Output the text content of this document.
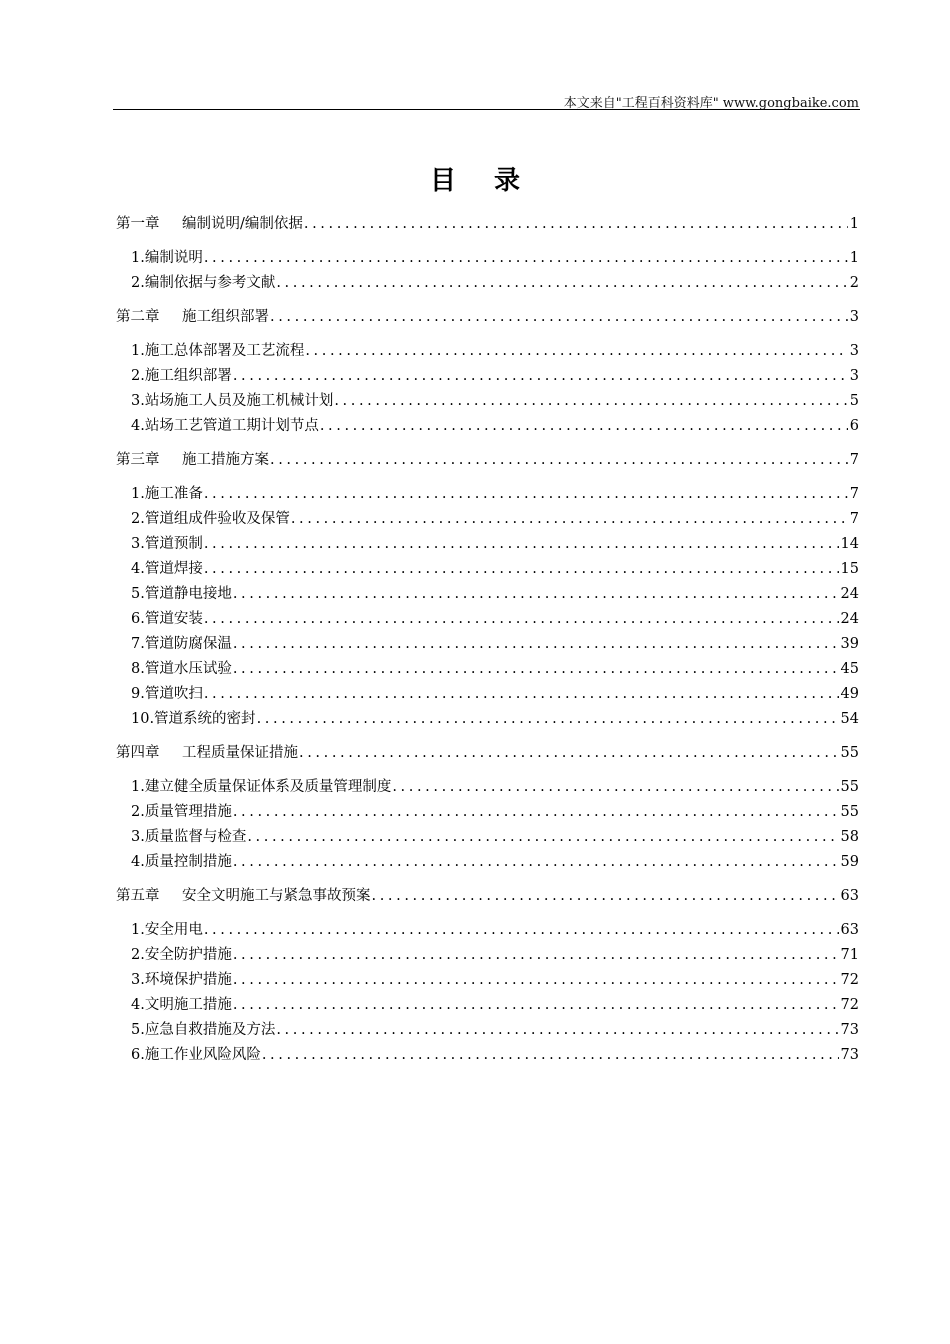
本文来自"工程百科资料库" www.gongbaike.com
目录
第一章 编制说明/编制依据 .....	1
1.编制说明 .....	1
2.编制依据与参考文献 .....	2
第二章 施工组织部署 .....	3
1.施工总体部署及工艺流程 .....	3
2.施工组织部署 .....	3
3.站场施工人员及施工机械计划 .....	5
4.站场工艺管道工期计划节点 .....	6
第三章 施工措施方案 .....	7
1.施工准备 .....	7
2.管道组成件验收及保管 .....	7
3.管道预制 .....	14
4.管道焊接 .....	15
5.管道静电接地 .....	24
6.管道安装 .....	24
7.管道防腐保温 .....	39
8.管道水压试验 .....	45
9.管道吹扫 .....	49
10.管道系统的密封 .....	54
第四章 工程质量保证措施 .....	55
1.建立健全质量保证体系及质量管理制度 .....	55
2.质量管理措施 .....	55
3.质量监督与检查 .....	58
4.质量控制措施 .....	59
第五章 安全文明施工与紧急事故预案 .....	63
1.安全用电 .....	63
2.安全防护措施 .....	71
3.环境保护措施 .....	72
4.文明施工措施 .....	72
5.应急自救措施及方法 .....	73
6.施工作业风险风险 .....	73
